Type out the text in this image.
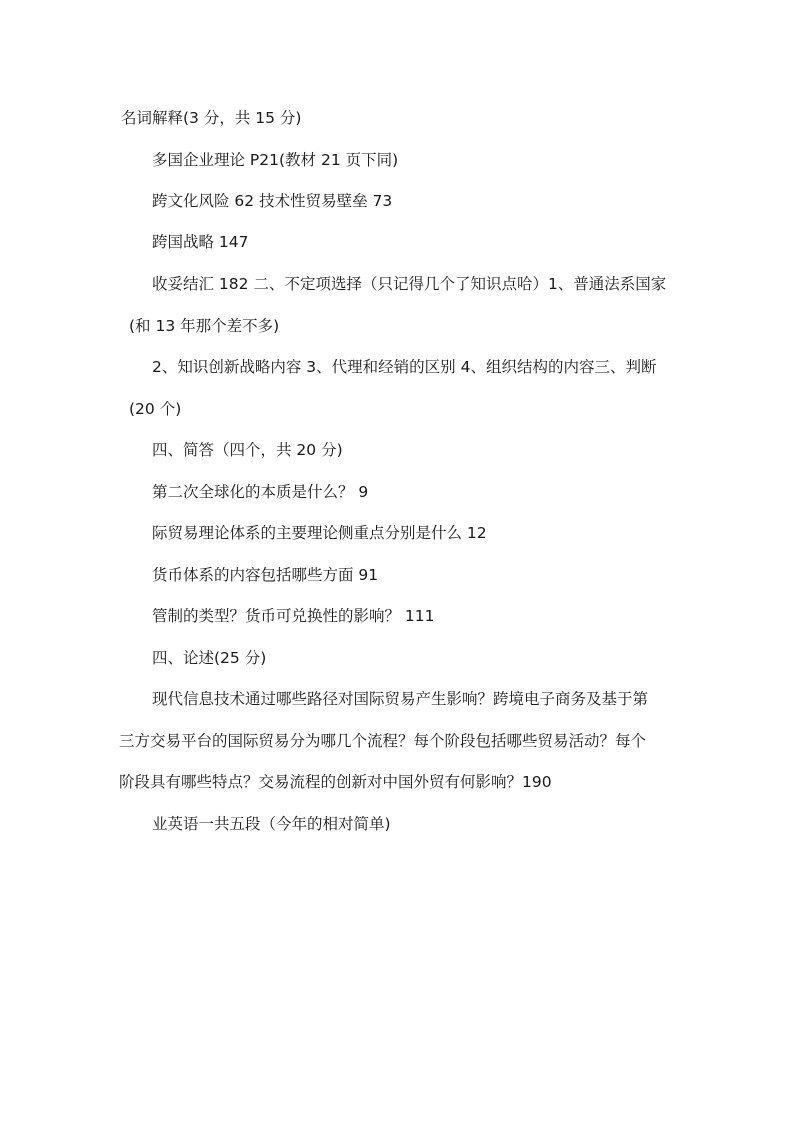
名词解释(3 分，共 15 分)
多国企业理论 P21(教材 21 页下同)
跨文化风险 62 技术性贸易壁垒 73
跨国战略 147
收妥结汇 182 二、不定项选择（只记得几个了知识点哈）1、普通法系国家
(和 13 年那个差不多)
2、知识创新战略内容 3、代理和经销的区别 4、组织结构的内容三、判断
(20 个)
四、简答（四个，共 20 分)
第二次全球化的本质是什么？ 9
际贸易理论体系的主要理论侧重点分别是什么 12
货币体系的内容包括哪些方面 91
管制的类型？货币可兑换性的影响？ 111
四、论述(25 分)
现代信息技术通过哪些路径对国际贸易产生影响？跨境电子商务及基于第
三方交易平台的国际贸易分为哪几个流程？每个阶段包括哪些贸易活动？每个
阶段具有哪些特点？交易流程的创新对中国外贸有何影响？190
业英语一共五段（今年的相对简单)
